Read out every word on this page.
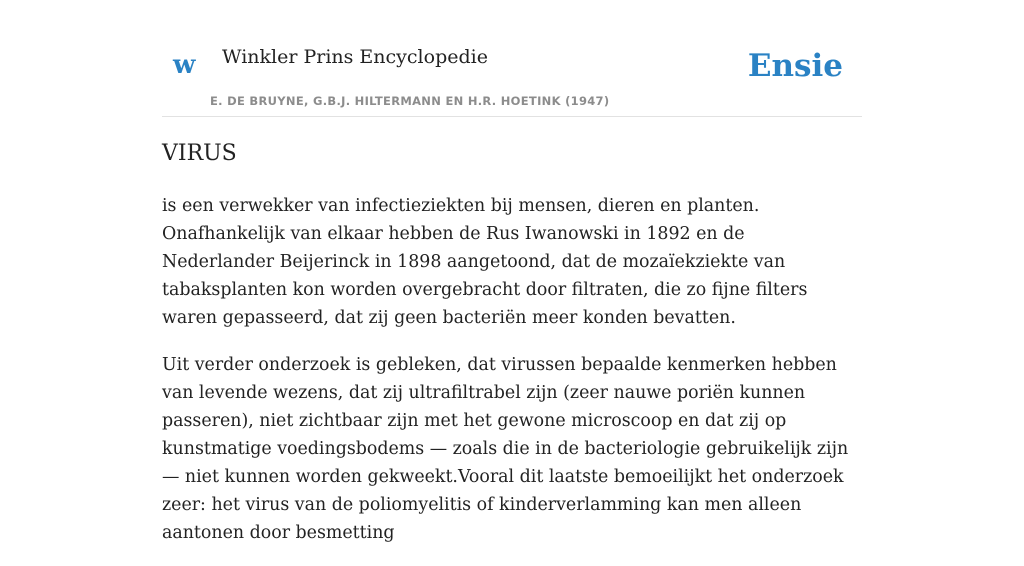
w Winkler Prins Encyclopedie
E. DE BRUYNE, G.B.J. HILTERMANN EN H.R. HOETINK (1947)
Ensie
VIRUS

is een verwekker van infectieziekten bij mensen, dieren en planten. Onafhankelijk van elkaar hebben de Rus Iwanowski in 1892 en de Nederlander Beijerinck in 1898 aangetoond, dat de mozaïekziekte van tabaksplanten kon worden overgebracht door filtraten, die zo fijne filters waren gepasseerd, dat zij geen bacteriën meer konden bevatten.

Uit verder onderzoek is gebleken, dat virussen bepaalde kenmerken hebben van levende wezens, dat zij ultrafiltrabel zijn (zeer nauwe poriën kunnen passeren), niet zichtbaar zijn met het gewone microscoop en dat zij op kunstmatige voedingsbodems — zoals die in de bacteriologie gebruikelijk zijn — niet kunnen worden gekweekt.Vooral dit laatste bemoeilijkt het onderzoek zeer: het virus van de poliomyelitis of kinderverlamming kan men alleen aantonen door besmetting
